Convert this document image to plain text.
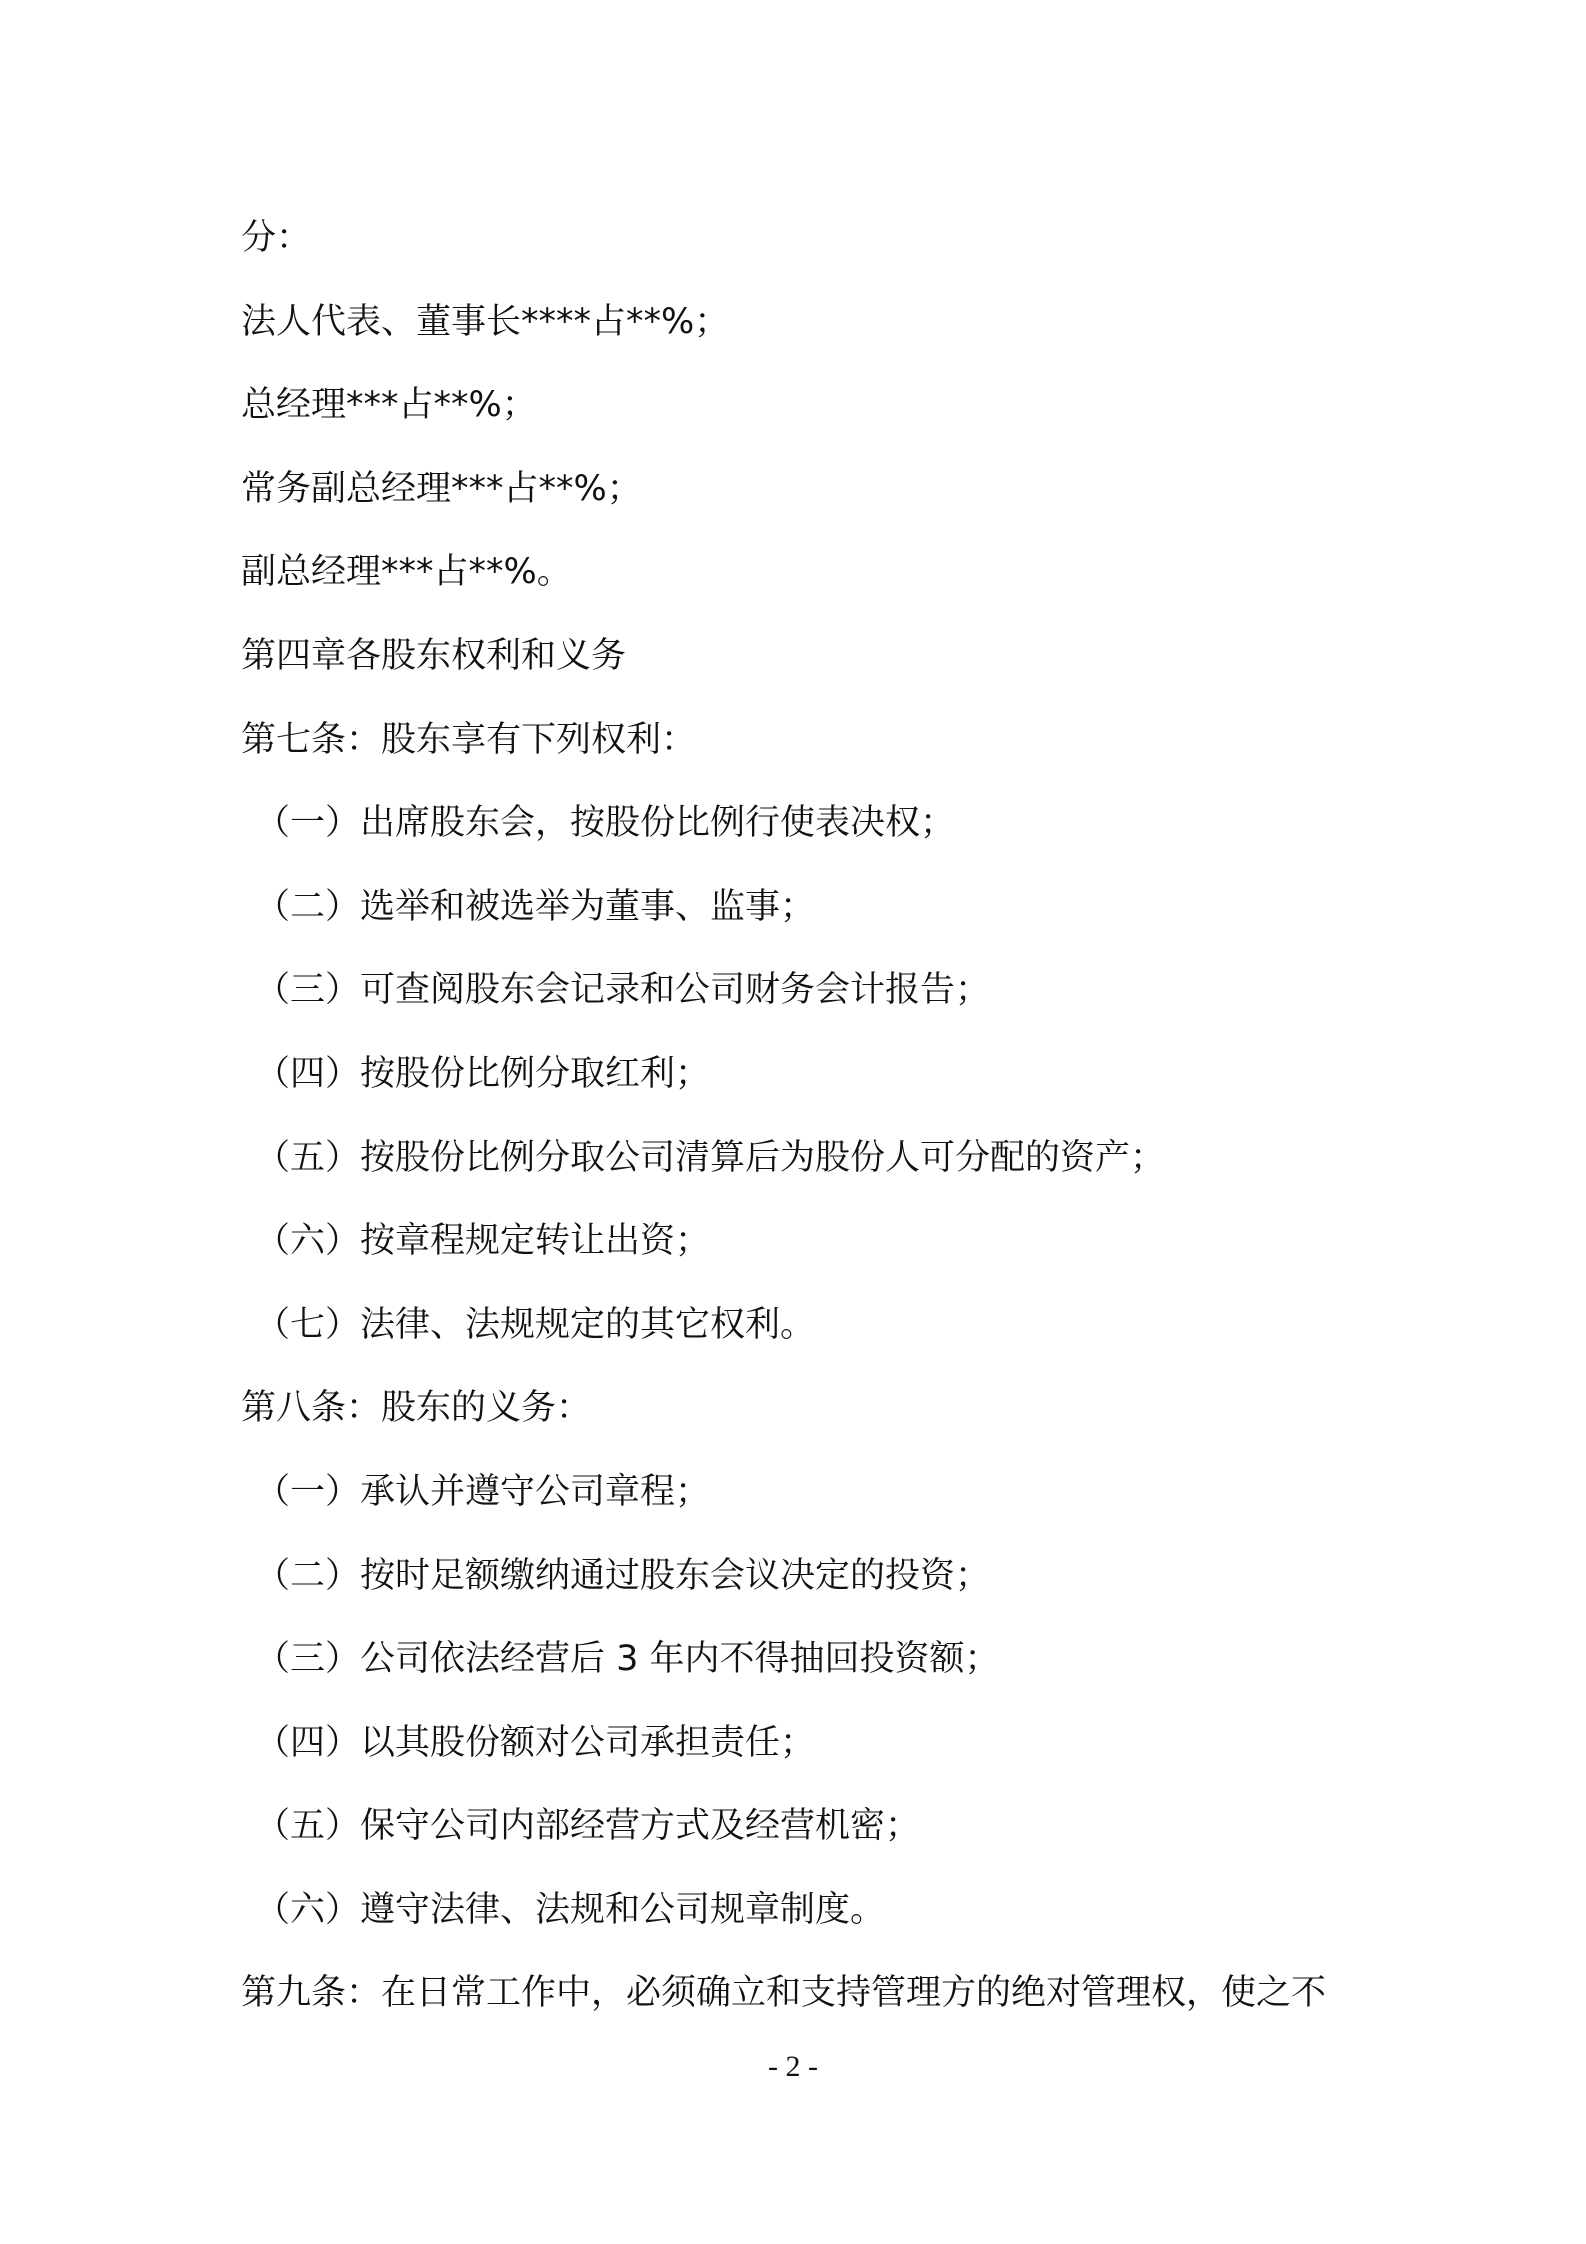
分：
法人代表、董事长****占**%；
总经理***占**%；
常务副总经理***占**%；
副总经理***占**%。
第四章各股东权利和义务
第七条：股东享有下列权利：
（一）出席股东会，按股份比例行使表决权；
（二）选举和被选举为董事、监事；
（三）可查阅股东会记录和公司财务会计报告；
（四）按股份比例分取红利；
（五）按股份比例分取公司清算后为股份人可分配的资产；
（六）按章程规定转让出资；
（七）法律、法规规定的其它权利。
第八条：股东的义务：
（一）承认并遵守公司章程；
（二）按时足额缴纳通过股东会议决定的投资；
（三）公司依法经营后 3 年内不得抽回投资额；
（四）以其股份额对公司承担责任；
（五）保守公司内部经营方式及经营机密；
（六）遵守法律、法规和公司规章制度。
第九条：在日常工作中，必须确立和支持管理方的绝对管理权，使之不
- 2 -
